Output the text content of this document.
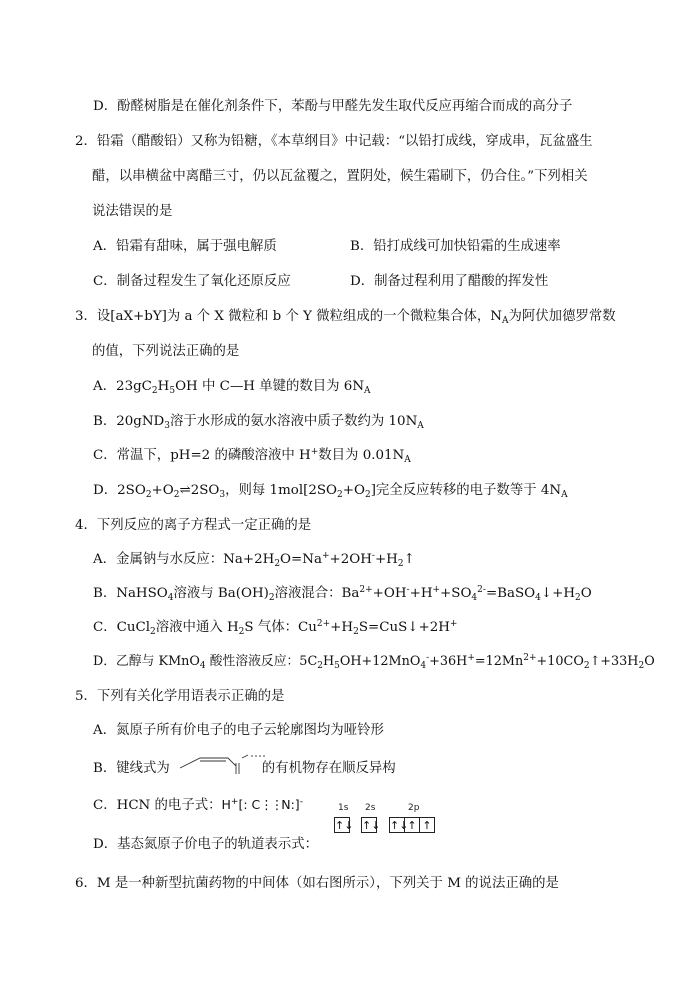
D．酚醛树脂是在催化剂条件下，苯酚与甲醛先发生取代反应再缩合而成的高分子
2．铅霜（醋酸铅）又称为铅糖，《本草纲目》中记载：“以铅打成线，穿成串，瓦盆盛生
醋，以串横盆中离醋三寸，仍以瓦盆覆之，置阴处，候生霜刷下，仍合住。”下列相关
说法错误的是
A．铅霜有甜味，属于强电解质	B．铅打成线可加快铅霜的生成速率
C．制备过程发生了氧化还原反应	D．制备过程利用了醋酸的挥发性
3．设[aX+bY]为 a 个 X 微粒和 b 个 Y 微粒组成的一个微粒集合体，$N_A$为阿伏加德罗常数
的值，下列说法正确的是
A．$23gC_2H_5OH$ 中 C—H 单键的数目为 $6N_A$
B．20gND$_3$溶于水形成的氨水溶液中质子数约为 $10N_A$
C．常温下，pH=2 的磷酸溶液中 H+数目为 $0.01N_A$
D．$2SO_2+O_2\rightleftharpoons 2SO_3$，则每 $1mol[2SO_2+O_2]$完全反应转移的电子数等于 $4N_A$
4．下列反应的离子方程式一定正确的是
A．金属钠与水反应：$Na+2H_2O=Na^++2OH^-+H_2↑$
B．NaHSO$_4$溶液与 $Ba(OH)_2$溶液混合：$Ba^{2+}+OH^-+H^++SO_4^{2-}=BaSO_4↓+H_2O$
C．CuCl$_2$溶液中通入 $H_2S$ 气体：$Cu^{2+}+H_2S=CuS↓+2H^+$
D．乙醇与 KMnO$_4$ 酸性溶液反应：$5C_2H_5OH+12MnO_4^-+36H^+=12Mn^{2+}+10CO_2↑+33H_2O$
5．下列有关化学用语表示正确的是
A．氮原子所有价电子的电子云轮廓图均为哑铃形
B．键线式为	的有机物存在顺反异构
C．HCN 的电子式：H+[: C⋮⋮N:]-
1s 2s	2p
↑↓ ↑↓ ↑↓
↑ ↑
D．基态氮原子价电子的轨道表示式：
6．M 是一种新型抗菌药物的中间体（如右图所示），下列关于 M 的说法正确的是
